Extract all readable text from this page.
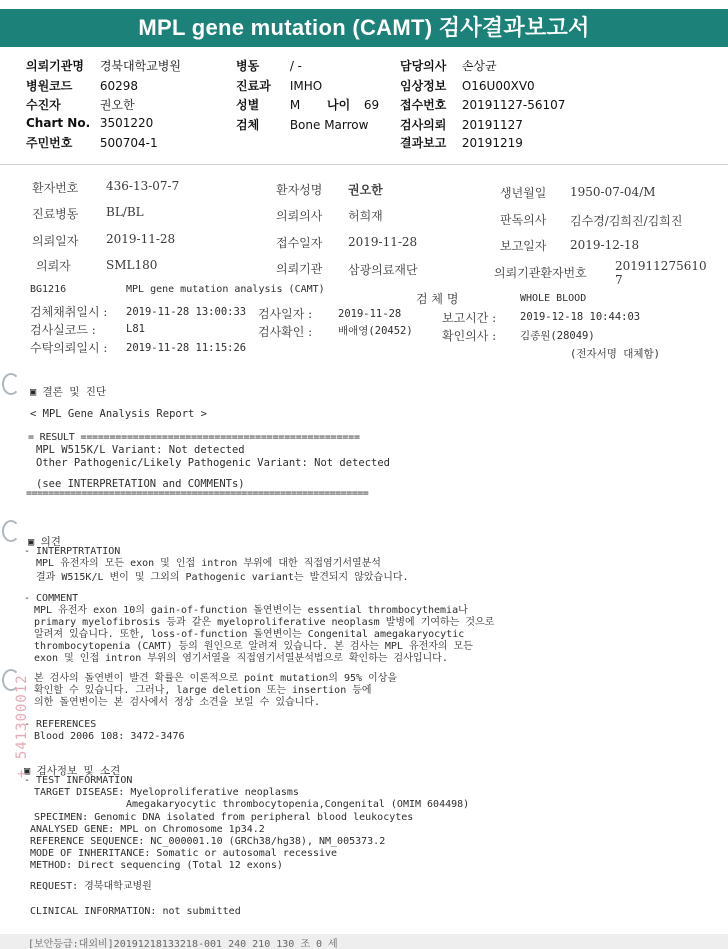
MPL gene mutation (CAMT) 검사결과보고서
의뢰기관명 경북대학교병원
병원코드 60298
수진자	권오한
Chart No. 3501220
주민번호 500704-1
병동	/ -
진료과 IMHO
성별	M	나이 69
검체	Bone Marrow
담당의사 손상균
임상정보 O16U00XV0
접수번호 20191127-56107
검사의뢰 20191127
결과보고 20191219
환자번호 436-13-07-7	환자성명 권오한	생년월일 1950-07-04/M
진료병동 BL/BL	의뢰의사 허희재	판독의사 김수경/김희진/김희진
의뢰일자 2019-11-28	접수일자 2019-11-28	보고일자 2019-12-18
의뢰자	SML180	의뢰기관 삼광의료재단	의뢰기관환자번호 201911275610
7
BG1216	MPL gene mutation analysis (CAMT)
검 체 명	WHOLE BLOOD
검체채취일시 : 2019-11-28 13:00:33 검사일자 : 2019-11-28	보고시간 : 2019-12-18 10:44:03
검사실코드 :	L81	검사확인 : 배애영(20452) 확인의사 : 김종원(28049)
수탁의뢰일시 : 2019-11-28 11:15:26	(전자서명 대체함)
▣ 결론 및 진단
< MPL Gene Analysis Report >
= RESULT ================================================
MPL W515K/L Variant: Not detected
Other Pathogenic/Likely Pathogenic Variant: Not detected
(see INTERPRETATION and COMMENTs)
==============================================================
▣ 의견
- INTERPTRTATION
MPL 유전자의 모든 exon 및 인접 intron 부위에 대한 직접염기서열분석
결과 W515K/L 변이 및 그외의 Pathogenic variant는 발견되지 않았습니다.
- COMMENT
MPL 유전자 exon 10의 gain-of-function 돌연변이는 essential thrombocythemia나
primary myelofibrosis 등과 같은 myeloproliferative neoplasm 발병에 기여하는 것으로
알려져 있습니다. 또한, loss-of-function 돌연변이는 Congenital amegakaryocytic
thrombocytopenia (CAMT) 등의 원인으로 알려져 있습니다. 본 검사는 MPL 유전자의 모든
exon 및 인접 intron 부위의 염기서열을 직접염기서열분석법으로 확인하는 검사입니다.
본 검사의 돌연변이 발견 확률은 이론적으로 point mutation의 95% 이상을
확인할 수 있습니다. 그러나, large deletion 또는 insertion 등에
의한 돌연변이는 본 검사에서 정상 소견을 보일 수 있습니다.
- REFERENCES
Blood 2006 108: 3472-3476
▣ 검사정보 및 소견
- TEST INFORMATION
TARGET DISEASE: Myeloproliferative neoplasms
Amegakaryocytic thrombocytopenia,Congenital (OMIM 604498)
SPECIMEN: Genomic DNA isolated from peripheral blood leukocytes
ANALYSED GENE: MPL on Chromosome 1p34.2
REFERENCE SEQUENCE: NC_000001.10 (GRCh38/hg38), NM_005373.2
MODE OF INHERITANCE: Somatic or autosomal recessive
METHOD: Direct sequencing (Total 12 exons)
REQUEST: 경북대학교병원
CLINICAL INFORMATION: not submitted
+ 541300012
[보안등급:대외비]20191218133218-001 240 210 130 조 0 세
